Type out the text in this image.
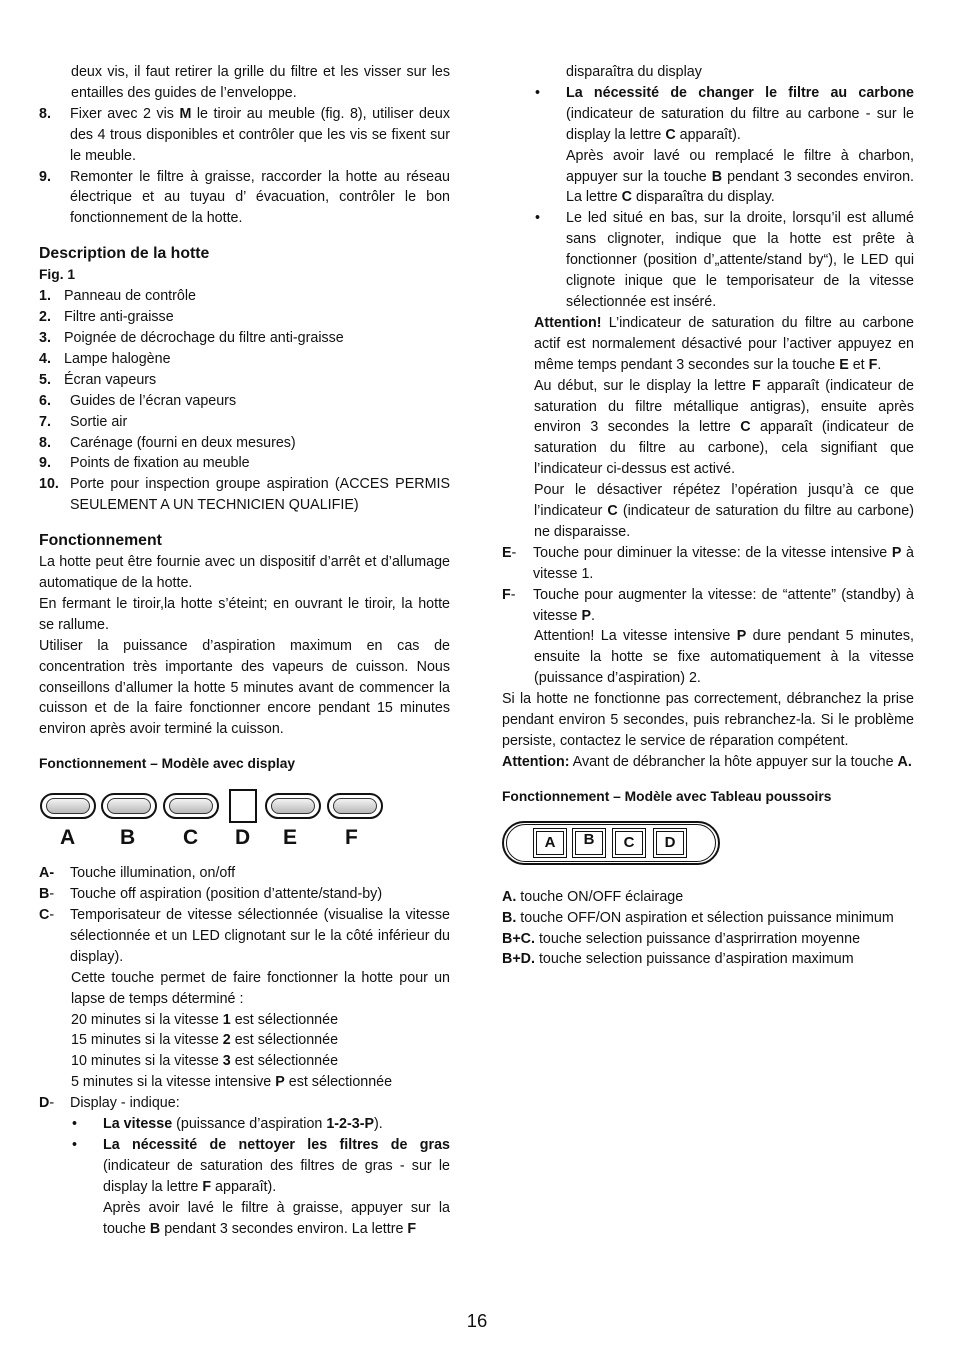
deux vis, il faut retirer la grille du filtre et les visser sur les entailles des guides de l’enveloppe.
8. Fixer avec 2 vis M le tiroir au meuble (fig. 8), utiliser deux des 4 trous disponibles et contrôler que les vis se fixent sur le meuble.
9. Remonter le filtre à graisse, raccorder la hotte au réseau électrique et au tuyau d’ évacuation, contrôler le bon fonctionnement de la hotte.
Description de la hotte
Fig. 1
1. Panneau de contrôle
2. Filtre anti-graisse
3. Poignée de décrochage du filtre anti-graisse
4. Lampe halogène
5. Écran vapeurs
6. Guides de l’écran vapeurs
7. Sortie air
8. Carénage (fourni en deux mesures)
9. Points de fixation au meuble
10. Porte pour inspection groupe aspiration (ACCES PERMIS SEULEMENT A UN TECHNICIEN QUALIFIE)
Fonctionnement
La hotte peut être fournie avec un dispositif d’arrêt et d’allumage automatique de la hotte.
En fermant le tiroir,la hotte s’éteint; en ouvrant le tiroir, la hotte se rallume.
Utiliser la puissance d’aspiration maximum en cas de concentration très importante des vapeurs de cuisson. Nous conseillons d’allumer la hotte 5 minutes avant de commencer la cuisson et de la faire fonctionner encore pendant 15 minutes environ après avoir terminé la cuisson.
Fonctionnement – Modèle avec display
A B C D E F
A- Touche illumination, on/off
B- Touche off aspiration (position d’attente/stand-by)
C- Temporisateur de vitesse sélectionnée (visualise la vitesse sélectionnée et un LED clignotant sur le la côté inférieur du display).
Cette touche permet de faire fonctionner la hotte pour un lapse de temps déterminé :
20 minutes si la vitesse 1 est sélectionnée
15 minutes si la vitesse 2 est sélectionnée
10 minutes si la vitesse 3 est sélectionnée
5 minutes si la vitesse intensive P est sélectionnée
D- Display - indique:
• La vitesse (puissance d’aspiration 1-2-3-P).
• La nécessité de nettoyer les filtres de gras (indicateur de saturation des filtres de gras - sur le display la lettre F apparaît).
Après avoir lavé le filtre à graisse, appuyer sur la touche B pendant 3 secondes environ. La lettre F
disparaîtra du display
• La nécessité de changer le filtre au carbone (indicateur de saturation du filtre au carbone - sur le display la lettre C apparaît).
Après avoir lavé ou remplacé le filtre à charbon, appuyer sur la touche B pendant 3 secondes environ. La lettre C disparaîtra du display.
• Le led situé en bas, sur la droite, lorsqu’il est allumé sans clignoter, indique que la hotte est prête à fonctionner (position d’„attente/stand by“), le LED qui clignote inique que le temporisateur de la vitesse sélectionnée est inséré.
Attention! L’indicateur de saturation du filtre au carbone actif est normalement désactivé pour l’activer appuyez en même temps pendant 3 secondes sur la touche E et F.
Au début, sur le display la lettre F apparaît (indicateur de saturation du filtre métallique antigras), ensuite après environ 3 secondes la lettre C apparaît (indicateur de saturation du filtre au carbone), cela signifiant que l’indicateur ci-dessus est activé.
Pour le désactiver répétez l’opération jusqu’à ce que l’indicateur C (indicateur de saturation du filtre au carbone) ne disparaisse.
E- Touche pour diminuer la vitesse: de la vitesse intensive P à vitesse 1.
F- Touche pour augmenter la vitesse: de “attente” (standby) à vitesse P.
Attention! La vitesse intensive P dure pendant 5 minutes, ensuite la hotte se fixe automatiquement à la vitesse (puissance d’aspiration) 2.
Si la hotte ne fonctionne pas correctement, débranchez la prise pendant environ 5 secondes, puis rebranchez-la. Si le problème persiste, contactez le service de réparation compétent.
Attention: Avant de débrancher la hôte appuyer sur la touche A.
Fonctionnement – Modèle avec Tableau poussoirs
A	B	C	D
A. touche ON/OFF éclairage
B. touche OFF/ON aspiration et sélection puissance minimum
B+C. touche selection puissance d’asprirration moyenne
B+D. touche selection puissance d’aspiration maximum
16
